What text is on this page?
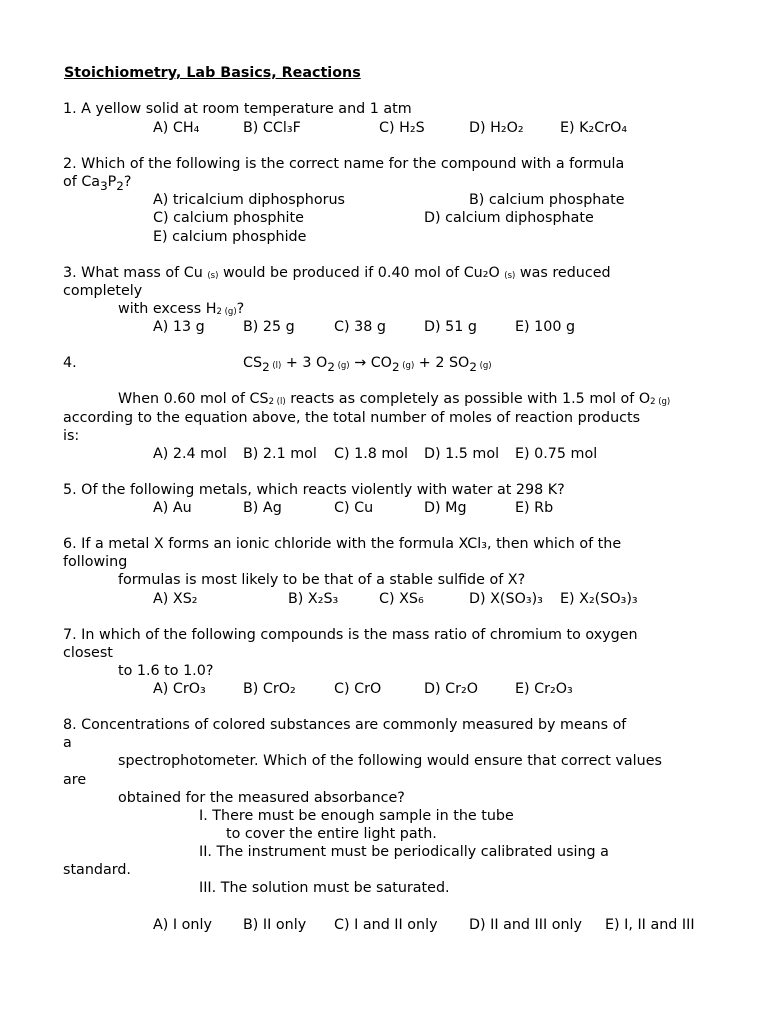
Stoichiometry, Lab Basics, Reactions
1. A yellow solid at room temperature and 1 atm
A) CH₄	B) CCl₃F	C) H₂S	D) H₂O₂	E) K₂CrO₄
2. Which of the following is the correct name for the compound with a formula
of $Ca_3P_2$?
A) tricalcium diphosphorus	B) calcium phosphate
C) calcium phosphite	D) calcium diphosphate
E) calcium phosphide
3. What mass of Cu $_{(s)}$ would be produced if 0.40 mol of Cu₂O $_{(s)}$ was reduced
completely
with excess $H_2$ $_{(g)}$?
A) 13 g	B) 25 g	C) 38 g	D) 51 g	E) 100 g
4.	$CS_2$ $_{(l)}$ + 3 $O_2$ $_{(g)} \to CO_2$ $_{(g)}$ + 2 $SO_2$ $_{(g)}$
When 0.60 mol of $CS_2$ $_{(l)}$ reacts as completely as possible with 1.5 mol of $O_2$ $_{(g)}$
according to the equation above, the total number of moles of reaction products
is:
A) 2.4 mol B) 2.1 mol C) 1.8 mol D) 1.5 mol E) 0.75 mol
5. Of the following metals, which reacts violently with water at 298 K?
A) Au	B) Ag	C) Cu	D) Mg	E) Rb
6. If a metal X forms an ionic chloride with the formula XCl₃, then which of the
following
formulas is most likely to be that of a stable sulfide of X?
A) XS₂	B) X₂S₃	C) XS₆	D) X(SO₃)₃ E) X₂(SO₃)₃
7. In which of the following compounds is the mass ratio of chromium to oxygen
closest
to 1.6 to 1.0?
A) CrO₃	B) CrO₂	C) CrO	D) Cr₂O	E) Cr₂O₃
8. Concentrations of colored substances are commonly measured by means of
a
spectrophotometer. Which of the following would ensure that correct values
are
obtained for the measured absorbance?
I. There must be enough sample in the tube
to cover the entire light path.
II. The instrument must be periodically calibrated using a
standard.
III. The solution must be saturated.
A) I only B) II only C) I and II only D) II and III only E) I, II and III
